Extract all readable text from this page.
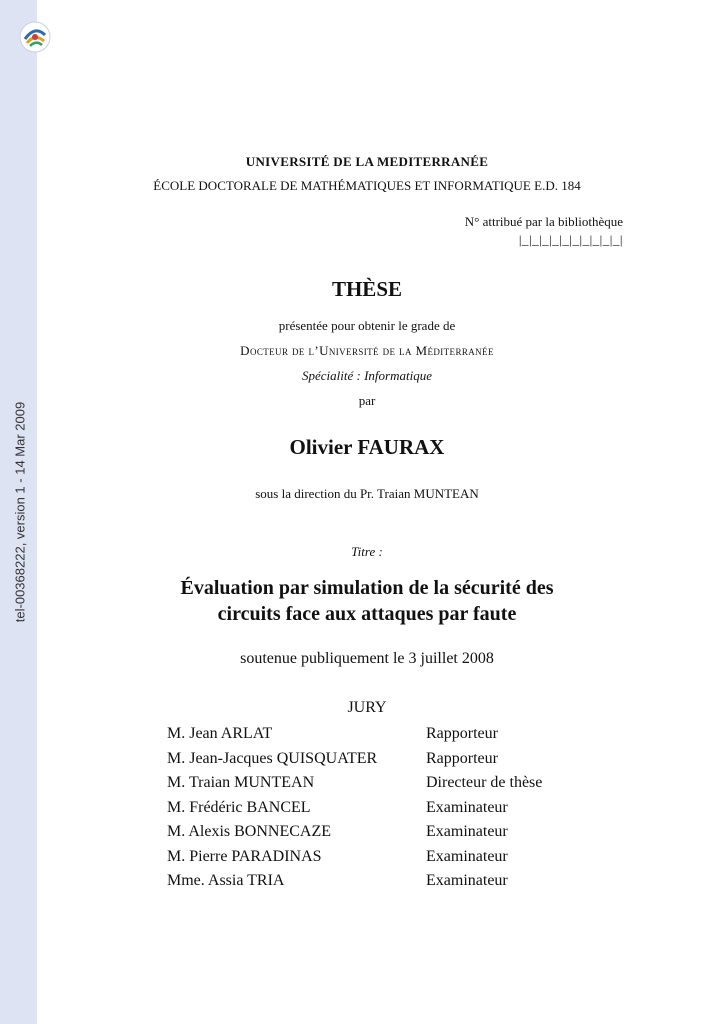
tel-00368222, version 1 - 14 Mar 2009
UNIVERSITÉ DE LA MEDITERRANÉE
ÉCOLE DOCTORALE DE MATHÉMATIQUES ET INFORMATIQUE E.D. 184
N° attribué par la bibliothèque
|_|_|_|_|_|_|_|_|_|_|
THÈSE
présentée pour obtenir le grade de
Docteur de l’Université de la Méditerranée
Spécialité : Informatique
par
Olivier FAURAX
sous la direction du Pr. Traian MUNTEAN
Titre :
Évaluation par simulation de la sécurité des
circuits face aux attaques par faute
soutenue publiquement le 3 juillet 2008
JURY
M. Jean ARLAT	Rapporteur
M. Jean-Jacques QUISQUATER	Rapporteur
M. Traian MUNTEAN	Directeur de thèse
M. Frédéric BANCEL	Examinateur
M. Alexis BONNECAZE	Examinateur
M. Pierre PARADINAS	Examinateur
Mme. Assia TRIA	Examinateur
